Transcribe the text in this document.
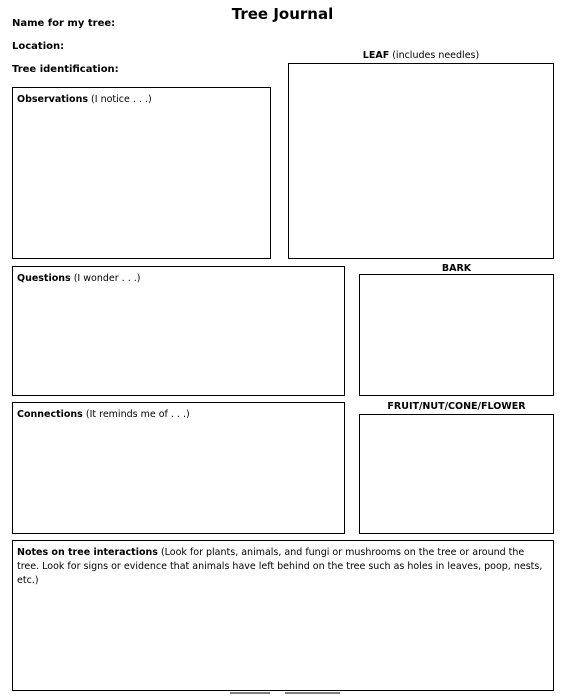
Tree Journal
Name for my tree:
Location:
Tree identification:
Observations (I notice . . .)
LEAF (includes needles)
Questions (I wonder . . .)
BARK
Connections (It reminds me of . . .)
FRUIT/NUT/CONE/FLOWER
Notes on tree interactions (Look for plants, animals, and fungi or mushrooms on the tree or around the tree. Look for signs or evidence that animals have left behind on the tree such as holes in leaves, poop, nests, etc.)
